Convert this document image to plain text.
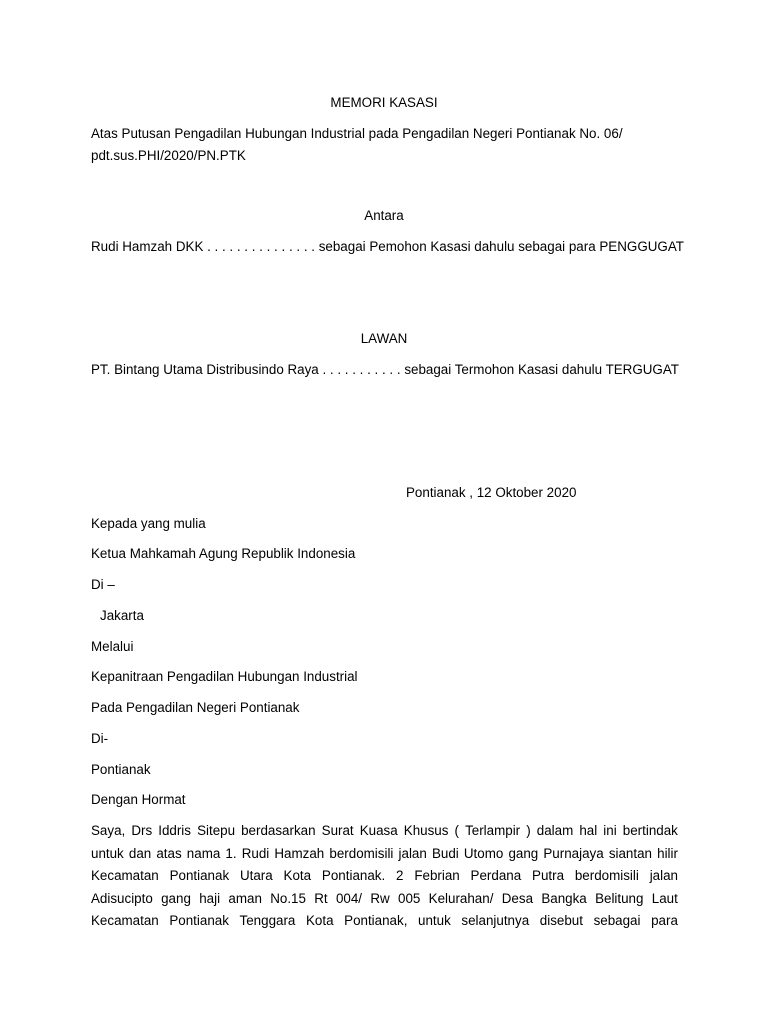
MEMORI KASASI
Atas Putusan Pengadilan Hubungan Industrial pada Pengadilan Negeri Pontianak No. 06/
pdt.sus.PHI/2020/PN.PTK
Antara
Rudi Hamzah DKK . . . . . . . . . . . . . . . sebagai Pemohon Kasasi dahulu sebagai para PENGGUGAT
LAWAN
PT. Bintang Utama Distribusindo Raya . . . . . . . . . . . sebagai Termohon Kasasi dahulu TERGUGAT
Pontianak , 12 Oktober 2020
Kepada yang mulia
Ketua Mahkamah Agung Republik Indonesia
Di –
Jakarta
Melalui
Kepanitraan Pengadilan Hubungan Industrial
Pada Pengadilan Negeri Pontianak
Di-
Pontianak
Dengan Hormat
Saya, Drs Iddris Sitepu berdasarkan Surat Kuasa Khusus ( Terlampir ) dalam hal ini bertindak
untuk dan atas nama 1. Rudi Hamzah berdomisili jalan Budi Utomo gang Purnajaya siantan hilir
Kecamatan Pontianak Utara Kota Pontianak. 2 Febrian Perdana Putra berdomisili jalan
Adisucipto gang haji aman No.15 Rt 004/ Rw 005 Kelurahan/ Desa Bangka Belitung Laut
Kecamatan Pontianak Tenggara Kota Pontianak, untuk selanjutnya disebut sebagai para
